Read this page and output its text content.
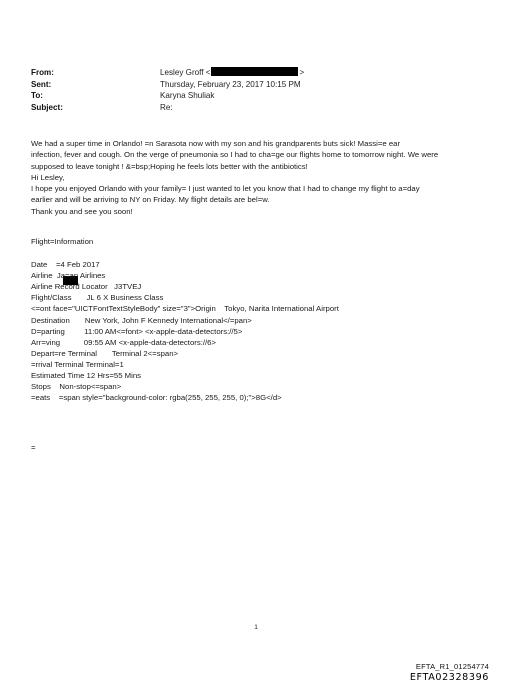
From:	Lesley Groff <	>
Sent:	Thursday, February 23, 2017 10:15 PM
To:	Karyna Shuliak
Subject:	Re:

We had a super time in Orlando! =n Sarasota now with my son and his grandparents but
s sick! Massi=e ear

infection, fever and cough. On the verge of pneumonia so I had to cha=ge our flights home to tomorrow night. We were

supposed to leave tonight ! &=bsp;Hoping he feels lots better with the antibiotics!

Hi Lesley,

I hope you enjoyed Orlando with your family= I just wanted to let you know that I had to change my flight to a=day

earlier and will be arriving to NY on Friday. My flight details are bel=w.

Thank you and see you soon!

Flight=Information
Date    =4 Feb 2017
Airline  Ja=an Airlines
Airline Record Locator   J3TVEJ
Flight/Class       JL 6 X Business Class
<=ont face="UICTFontTextStyleBody" size="3">Origin    Tokyo, Narita International Airport
Destination       New York, John F Kennedy International</=pan>
D=parting         11:00 AM<=font> <x-apple-data-detectors://5>
Arr=ving           09:55 AM <x-apple-data-detectors://6>
Depart=re Terminal       Terminal 2<=span>
=rrival Terminal Terminal=1
Estimated Time 12 Hrs=55 Mins
Stops    Non-stop<=span>
=eats    =span style="background-color: rgba(255, 255, 255, 0);">8G</d>
=
1
EFTA_R1_01254774
EFTA02328396
